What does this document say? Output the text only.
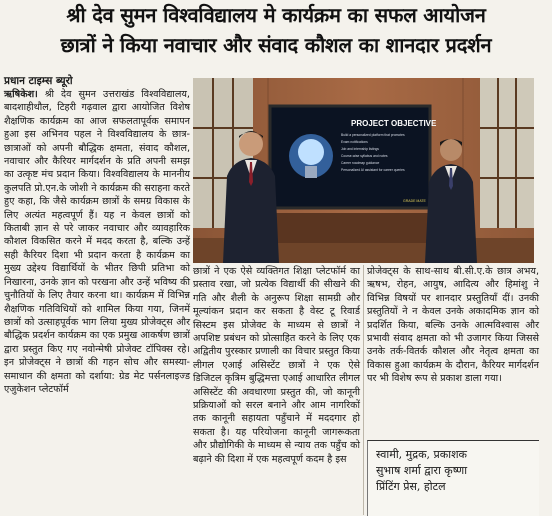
श्री देव सुमन विश्वविद्यालय मे कार्यक्रम का सफल आयोजन
छात्रों ने किया नवाचार और संवाद कौशल का शानदार प्रदर्शन
प्रधान टाइम्स ब्यूरो

ऋषिकेश। श्री देव सुमन उत्तराखंड विश्वविद्यालय, बादशाहीथौल, टिहरी गढ़वाल द्वारा आयोजित विशेष शैक्षणिक कार्यक्रम का आज सफलतापूर्वक समापन हुआ इस अभिनव पहल ने विश्वविद्यालय के छात्र-छात्राओं को अपनी बौद्धिक क्षमता, संवाद कौशल, नवाचार और कैरियर मार्गदर्शन के प्रति अपनी समझ का उत्कृष्ट मंच प्रदान किया। विश्वविद्यालय के माननीय कुलपति प्रो.एन.के जोशी ने कार्यक्रम की सराहना करते हुए कहा, कि जैसे कार्यक्रम छात्रों के समग्र विकास के लिए अत्यंत महत्वपूर्ण हैं। यह न केवल छात्रों को किताबी ज्ञान से परे जाकर नवाचार और व्यावहारिक कौशल विकसित करने में मदद करता है, बल्कि उन्हें सही कैरियर दिशा भी प्रदान करता है कार्यक्रम का मुख्य उद्देश्य विद्यार्थियों के भीतर छिपी प्रतिभा को निखारना, उनके ज्ञान को परखना और उन्हें भविष्य की चुनौतियों के लिए तैयार करना था। कार्यक्रम में विभिन्न शैक्षणिक गतिविधियों को शामिल किया गया, जिनमें छात्रों को उत्साहपूर्वक भाग लिया मुख्य प्रोजेक्ट्स और बौद्धिक प्रदर्शन कार्यक्रम का एक प्रमुख आकर्षण छात्रों द्वारा प्रस्तुत किए गए नवोन्मेषी प्रोजेक्ट टॉपिक्स रहे। इन प्रोजेक्ट्स ने छात्रों की गहन सोच और समस्या-समाधान की क्षमता को दर्शाया: ग्रेड मेट पर्सनलाइज्ड एजुकेशन प्लेटफॉर्म

PROJECT OBJECTIVE
Build a personalized platform that promotes
Exam notifications
Job and internship listings
Course-wise syllabus and notes
Career roadmap guidance
Personalized AI assistant for career queries
GRADE MATE

छात्रों ने एक ऐसे व्यक्तिगत शिक्षा प्लेटफॉर्म का प्रस्ताव रखा, जो प्रत्येक विद्यार्थी की सीखने की गति और शैली के अनुरूप शिक्षा सामग्री और मूल्यांकन प्रदान कर सकता है वेस्ट टू रिवार्ड सिस्टम इस प्रोजेक्ट के माध्यम से छात्रों ने अपशिष्ट प्रबंधन को प्रोत्साहित करने के लिए एक अद्वितीय पुरस्कार प्रणाली का विचार प्रस्तुत किया लीगल एआई असिस्टेंट छात्रों ने एक ऐसे डिजिटल कृत्रिम बुद्धिमत्ता एआई आधारित लीगल असिस्टेंट की अवधारणा प्रस्तुत की, जो कानूनी प्रक्रियाओं को सरल बनाने और आम नागरिकों तक कानूनी सहायता पहुँचाने में मददगार हो सकता है। यह परियोजना कानूनी जागरूकता और प्रौद्योगिकी के माध्यम से न्याय तक पहुँच को बढ़ाने की दिशा में एक महत्वपूर्ण कदम है इस

प्रोजेक्ट्स के साथ-साथ बी.सी.ए.के छात्र अभय, ऋषभ, रोहन, आयुष, आदित्य और हिमांशु ने विभिन्न विषयों पर शानदार प्रस्तुतियाँ दीं। उनकी प्रस्तुतियों ने न केवल उनके अकादमिक ज्ञान को प्रदर्शित किया, बल्कि उनके आत्मविश्वास और प्रभावी संवाद क्षमता को भी उजागर किया जिससे उनके तर्क-वितर्क कौशल और नेतृत्व क्षमता का विकास हुआ कार्यक्रम के दौरान, कैरियर मार्गदर्शन पर भी विशेष रूप से प्रकाश डाला गया।

स्वामी, मुद्रक, प्रकाशक
सुभाष शर्मा द्वारा कृष्णा
प्रिंटिंग प्रेस, होटल
